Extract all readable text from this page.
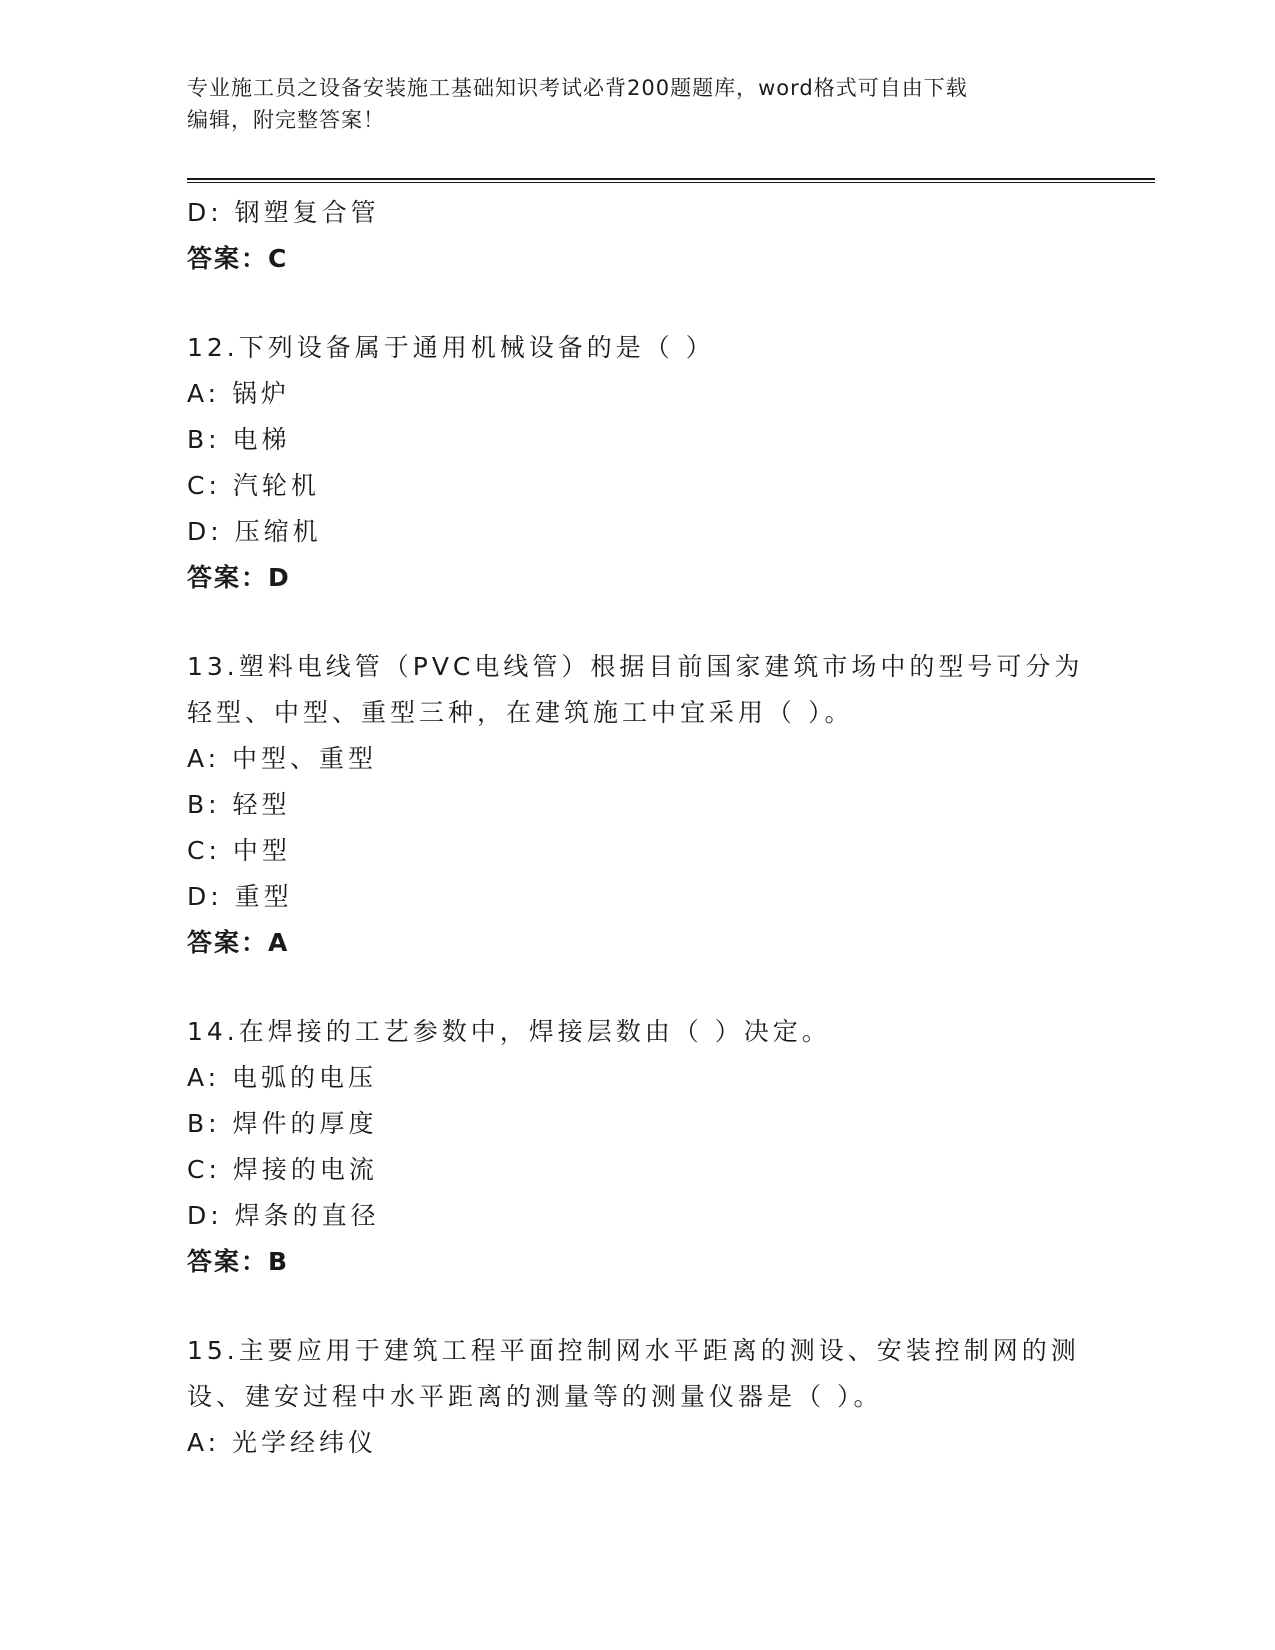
专业施工员之设备安装施工基础知识考试必背200题题库，word格式可自由下载
编辑，附完整答案！
D: 钢塑复合管
答案：C
12.下列设备属于通用机械设备的是（ ）
A: 锅炉
B: 电梯
C: 汽轮机
D: 压缩机
答案：D
13.塑料电线管（PVC电线管）根据目前国家建筑市场中的型号可分为
轻型、中型、重型三种，在建筑施工中宜采用（ ）。
A: 中型、重型
B: 轻型
C: 中型
D: 重型
答案：A
14.在焊接的工艺参数中，焊接层数由（ ）决定。
A: 电弧的电压
B: 焊件的厚度
C: 焊接的电流
D: 焊条的直径
答案：B
15.主要应用于建筑工程平面控制网水平距离的测设、安装控制网的测
设、建安过程中水平距离的测量等的测量仪器是（ ）。
A: 光学经纬仪
